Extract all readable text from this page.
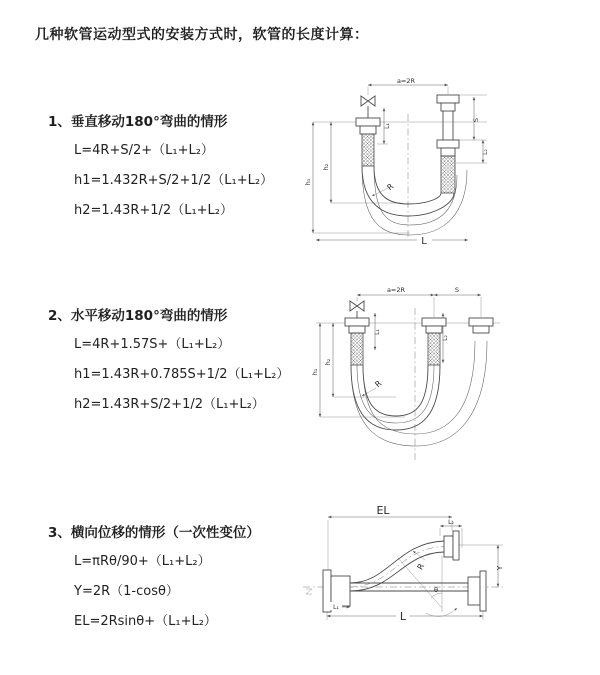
几种软管运动型式的安装方式时，软管的长度计算：
1、垂直移动180°弯曲的情形
L=4R+S/2+（L₁+L₂）
h1=1.432R+S/2+1/2（L₁+L₂）
h2=1.43R+1/2（L₁+L₂）
2、水平移动180°弯曲的情形
L=4R+1.57S+（L₁+L₂）
h1=1.43R+0.785S+1/2（L₁+L₂）
h2=1.43R+S/2+1/2（L₁+L₂）
3、横向位移的情形（一次性变位）
L=πRθ/90+（L₁+L₂）
Y=2R（1-cosθ）
EL=2Rsinθ+（L₁+L₂）
a=2R
L₁
S
L₂
h₁
h₂
R
L
a=2R	S
L₁
L₂
h₁
h₂
R
EL
L₂
Y
R
θ
L
L₁
